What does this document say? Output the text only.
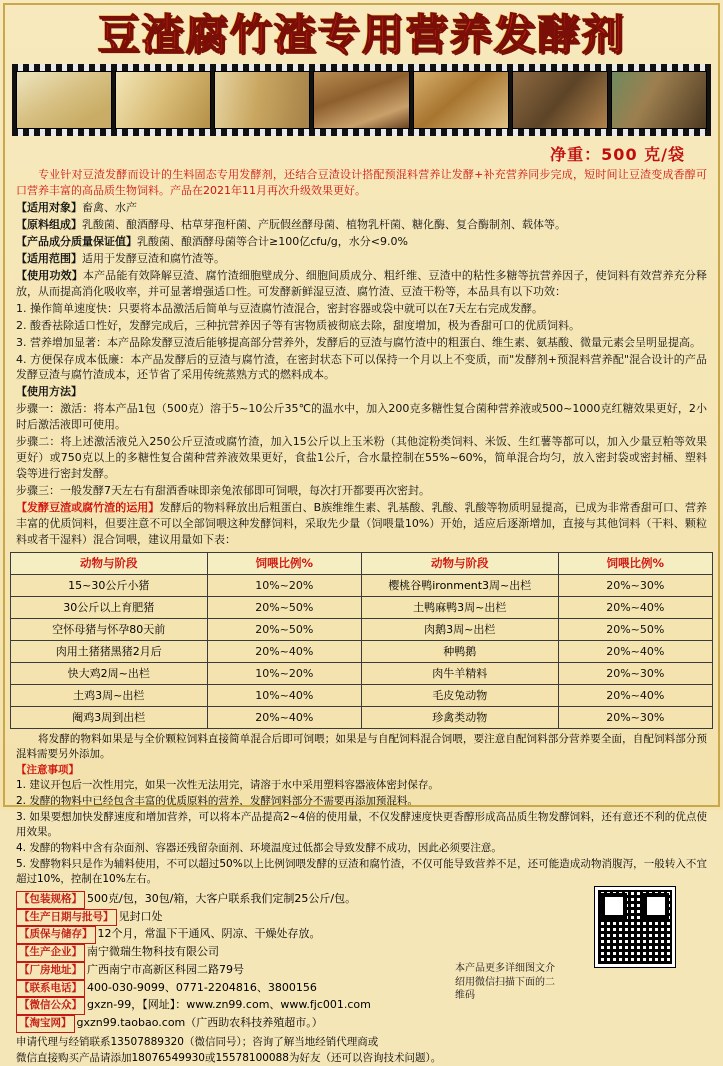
豆渣腐竹渣专用营养发酵剂
净重：500 克/袋
专业针对豆渣发酵而设计的生料固态专用发酵剂，还结合豆渣设计搭配预混料营养让发酵+补充营养同步完成，短时间让豆渣变成香醇可口营养丰富的高品质生物饲料。产品在2021年11月再次升级效果更好。
【适用对象】畜禽、水产
【原料组成】乳酸菌、酿酒酵母、枯草芽孢杆菌、产朊假丝酵母菌、植物乳杆菌、糖化酶、复合酶制剂、载体等。
【产品成分质量保证值】乳酸菌、酿酒酵母菌等合计≥100亿cfu/g，水分<9.0%
【适用范围】适用于发酵豆渣和腐竹渣等。
【使用功效】本产品能有效降解豆渣、腐竹渣细胞壁成分、细胞间质成分、粗纤维、豆渣中的粘性多糖等抗营养因子，使饲料有效营养充分释放，从而提高消化吸收率，并可显著增强适口性。可发酵新鲜湿豆渣、腐竹渣、豆渣干粉等，本品具有以下功效：
1. 操作简单速度快：只要将本品激活后简单与豆渣腐竹渣混合，密封容器或袋中就可以在7天左右完成发酵。
2. 酸香祛除适口性好，发酵完成后，三种抗营养因子等有害物质被彻底去除，甜度增加，极为香甜可口的优质饲料。
3. 营养增加显著：本产品除发酵豆渣后能够提高部分营养外，发酵后的豆渣与腐竹渣中的粗蛋白、维生素、氨基酸、微量元素会呈明显提高。
4. 方便保存成本低廉：本产品发酵后的豆渣与腐竹渣，在密封状态下可以保持一个月以上不变质，而"发酵剂+预混料营养配"混合设计的产品发酵豆渣与腐竹渣成本，还节省了采用传统蒸熟方式的燃料成本。
【使用方法】
步骤一：激活：将本产品1包（500克）溶于5~10公斤35℃的温水中，加入200克多糖性复合菌种营养液或500~1000克红糖效果更好，2小时后激活液即可使用。
步骤二：将上述激活液兑入250公斤豆渣或腐竹渣，加入15公斤以上玉米粉（其他淀粉类饲料、米饭、生红薯等都可以，加入少量豆粕等效果更好）或750克以上的多糖性复合菌种营养液效果更好，食盐1公斤，合水量控制在55%~60%，简单混合均匀，放入密封袋或密封桶、塑料袋等进行密封发酵。
步骤三：一般发酵7天左右有甜酒香味即亲兔浓郁即可饲喂，每次打开都要再次密封。
【发酵豆渣或腐竹渣的运用】发酵后的物料释放出后粗蛋白、B族维维生素、乳基酸、乳酸、乳酸等物质明显提高，已成为非常香甜可口、营养丰富的优质饲料，但要注意不可以全部饲喂这种发酵饲料，采取先少量（饲喂量10%）开始，适应后逐渐增加，直接与其他饲料（干料、颗粒料或者干湿料）混合饲喂，建议用量如下表：
动物与阶段	饲喂比例%	动物与阶段	饲喂比例%
15~30公斤小猪	10%~20%	樱桃谷鸭ironment3周~出栏	20%~30%
30公斤以上育肥猪	20%~50%	土鸭麻鸭3周~出栏	20%~40%
空怀母猪与怀孕80天前	20%~50%	肉鹅3周~出栏	20%~50%
肉用土猪猪黑猪2月后	20%~40%	种鸭鹅	20%~40%
快大鸡2周~出栏	10%~20%	肉牛羊精料	20%~30%
土鸡3周~出栏	10%~40%	毛皮兔动物	20%~40%
阉鸡3周到出栏	20%~40%	珍禽类动物	20%~30%
将发酵的物料如果是与全价颗粒饲料直接简单混合后即可饲喂；如果是与自配饲料混合饲喂，要注意自配饲料部分营养要全面，自配饲料部分预混料需要另外添加。
【注意事项】
1. 建议开包后一次性用完，如果一次性无法用完，请溶于水中采用塑料容器液体密封保存。
2. 发酵的物料中已经包含丰富的优质原料的营养，发酵饲料部分不需要再添加预混料。
3. 如果要想加快发酵速度和增加营养，可以将本产品提高2~4倍的使用量，不仅发酵速度快更香醇形成高品质生物发酵饲料，还有意还不利的优点使用效果。
4. 发酵的物料中含有杂面剂、容器还残留杂面剂、环境温度过低都会导致发酵不成功，因此必须要注意。
5. 发酵物料只是作为辅料使用，不可以超过50%以上比例饲喂发酵的豆渣和腐竹渣，不仅可能导致营养不足，还可能造成动物消腹泻，一般转入不宜超过10%，控制在10%左右。
【包装规格】 500克/包，30包/箱，大客户联系我们定制25公斤/包。
【生产日期与批号】 见封口处
【质保与储存】 12个月，常温下干通风、阴凉、干燥处存放。
【生产企业】 南宁微瑞生物科技有限公司
【厂房地址】 广西南宁市高新区科园二路79号
【联系电话】 400-030-9099、0771-2204816、3800156
【微信公众】 gxzn-99，【网址】：www.zn99.com、www.fjc001.com
【淘宝网】 gxzn99.taobao.com（广西助农科技养殖超市。）
本产品更多详细图文介绍用微信扫描下面的二维码
申请代理与经销联系13507889320（微信同号）；咨询了解当地经销代理商或
微信直接购买产品请添加18076549930或15578100088为好友（还可以咨询技术问题）。
